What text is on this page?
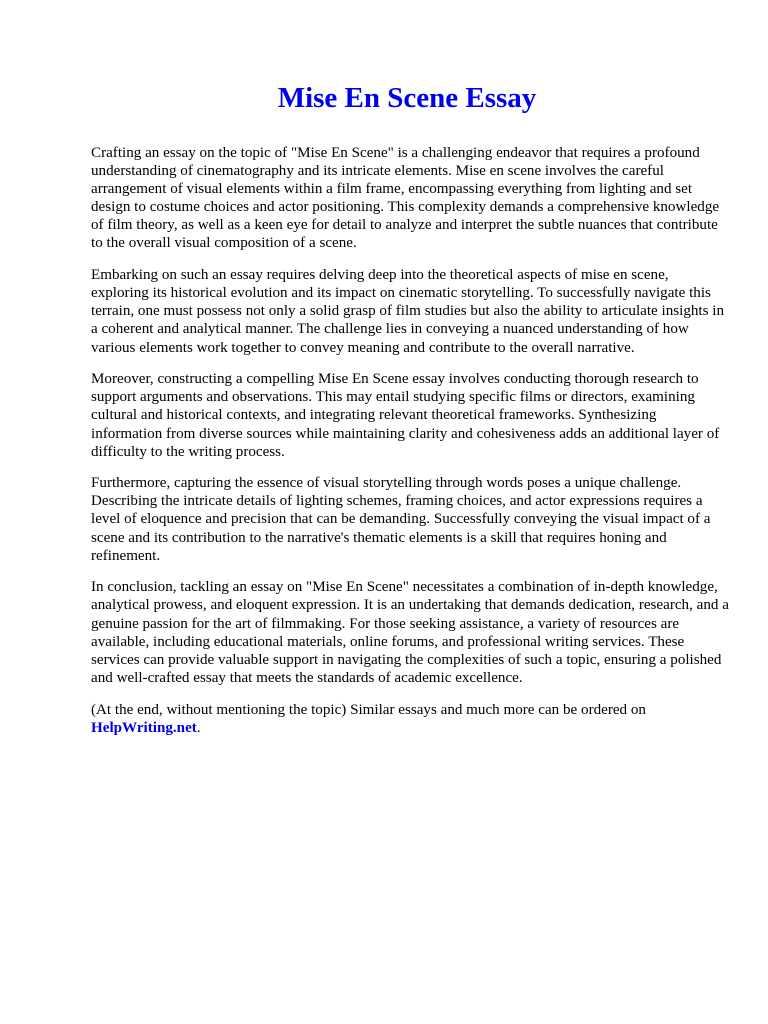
Mise En Scene Essay

Crafting an essay on the topic of "Mise En Scene" is a challenging endeavor that requires a profound understanding of cinematography and its intricate elements. Mise en scene involves the careful arrangement of visual elements within a film frame, encompassing everything from lighting and set design to costume choices and actor positioning. This complexity demands a comprehensive knowledge of film theory, as well as a keen eye for detail to analyze and interpret the subtle nuances that contribute to the overall visual composition of a scene.

Embarking on such an essay requires delving deep into the theoretical aspects of mise en scene, exploring its historical evolution and its impact on cinematic storytelling. To successfully navigate this terrain, one must possess not only a solid grasp of film studies but also the ability to articulate insights in a coherent and analytical manner. The challenge lies in conveying a nuanced understanding of how various elements work together to convey meaning and contribute to the overall narrative.

Moreover, constructing a compelling Mise En Scene essay involves conducting thorough research to support arguments and observations. This may entail studying specific films or directors, examining cultural and historical contexts, and integrating relevant theoretical frameworks. Synthesizing information from diverse sources while maintaining clarity and cohesiveness adds an additional layer of difficulty to the writing process.

Furthermore, capturing the essence of visual storytelling through words poses a unique challenge. Describing the intricate details of lighting schemes, framing choices, and actor expressions requires a level of eloquence and precision that can be demanding. Successfully conveying the visual impact of a scene and its contribution to the narrative's thematic elements is a skill that requires honing and refinement.

In conclusion, tackling an essay on "Mise En Scene" necessitates a combination of in-depth knowledge, analytical prowess, and eloquent expression. It is an undertaking that demands dedication, research, and a genuine passion for the art of filmmaking. For those seeking assistance, a variety of resources are available, including educational materials, online forums, and professional writing services. These services can provide valuable support in navigating the complexities of such a topic, ensuring a polished and well-crafted essay that meets the standards of academic excellence.

(At the end, without mentioning the topic) Similar essays and much more can be ordered on
HelpWriting.net.
